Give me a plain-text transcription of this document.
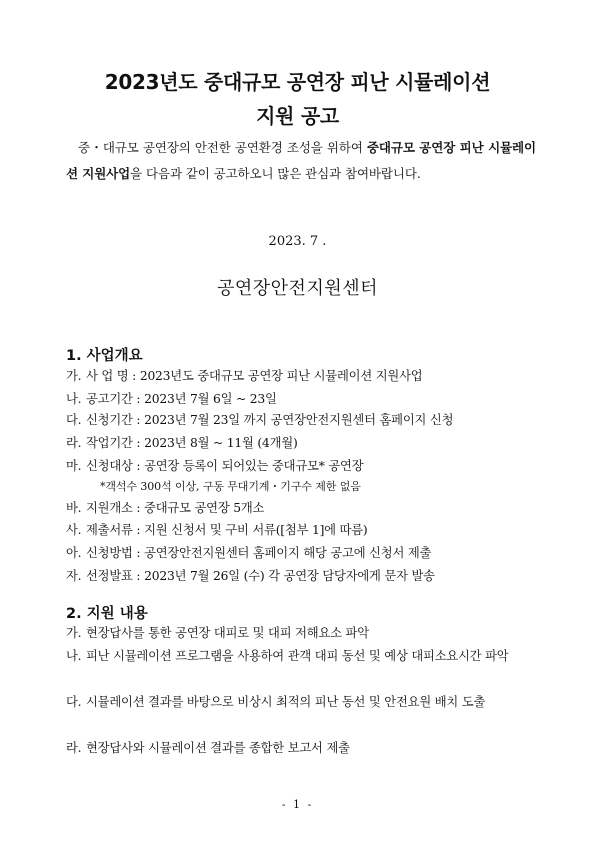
2023년도 중대규모 공연장 피난 시뮬레이션
지원 공고
중・대규모 공연장의 안전한 공연환경 조성을 위하여 중대규모 공연장 피난 시뮬레이션 지원사업을 다음과 같이 공고하오니 많은 관심과 참여바랍니다.
2023. 7 .
공연장안전지원센터
1. 사업개요
가. 사 업 명 : 2023년도 중대규모 공연장 피난 시뮬레이션 지원사업
나. 공고기간 : 2023년 7월 6일 ~ 23일
다. 신청기간 : 2023년 7월 23일 까지 공연장안전지원센터 홈페이지 신청
라. 작업기간 : 2023년 8월 ~ 11월 (4개월)
마. 신청대상 : 공연장 등록이 되어있는 중대규모* 공연장
*객석수 300석 이상, 구동 무대기계・기구수 제한 없음
바. 지원개소 : 중대규모 공연장 5개소
사. 제출서류 : 지원 신청서 및 구비 서류([첨부 1]에 따름)
아. 신청방법 : 공연장안전지원센터 홈페이지 해당 공고에 신청서 제출
자. 선정발표 : 2023년 7월 26일 (수) 각 공연장 담당자에게 문자 발송
2. 지원 내용
가. 현장답사를 통한 공연장 대피로 및 대피 저해요소 파악
나. 피난 시뮬레이션 프로그램을 사용하여 관객 대피 동선 및 예상 대피소요시간 파악
다. 시뮬레이션 결과를 바탕으로 비상시 최적의 피난 동선 및 안전요원 배치 도출
라. 현장답사와 시뮬레이션 결과를 종합한 보고서 제출
- 1 -
